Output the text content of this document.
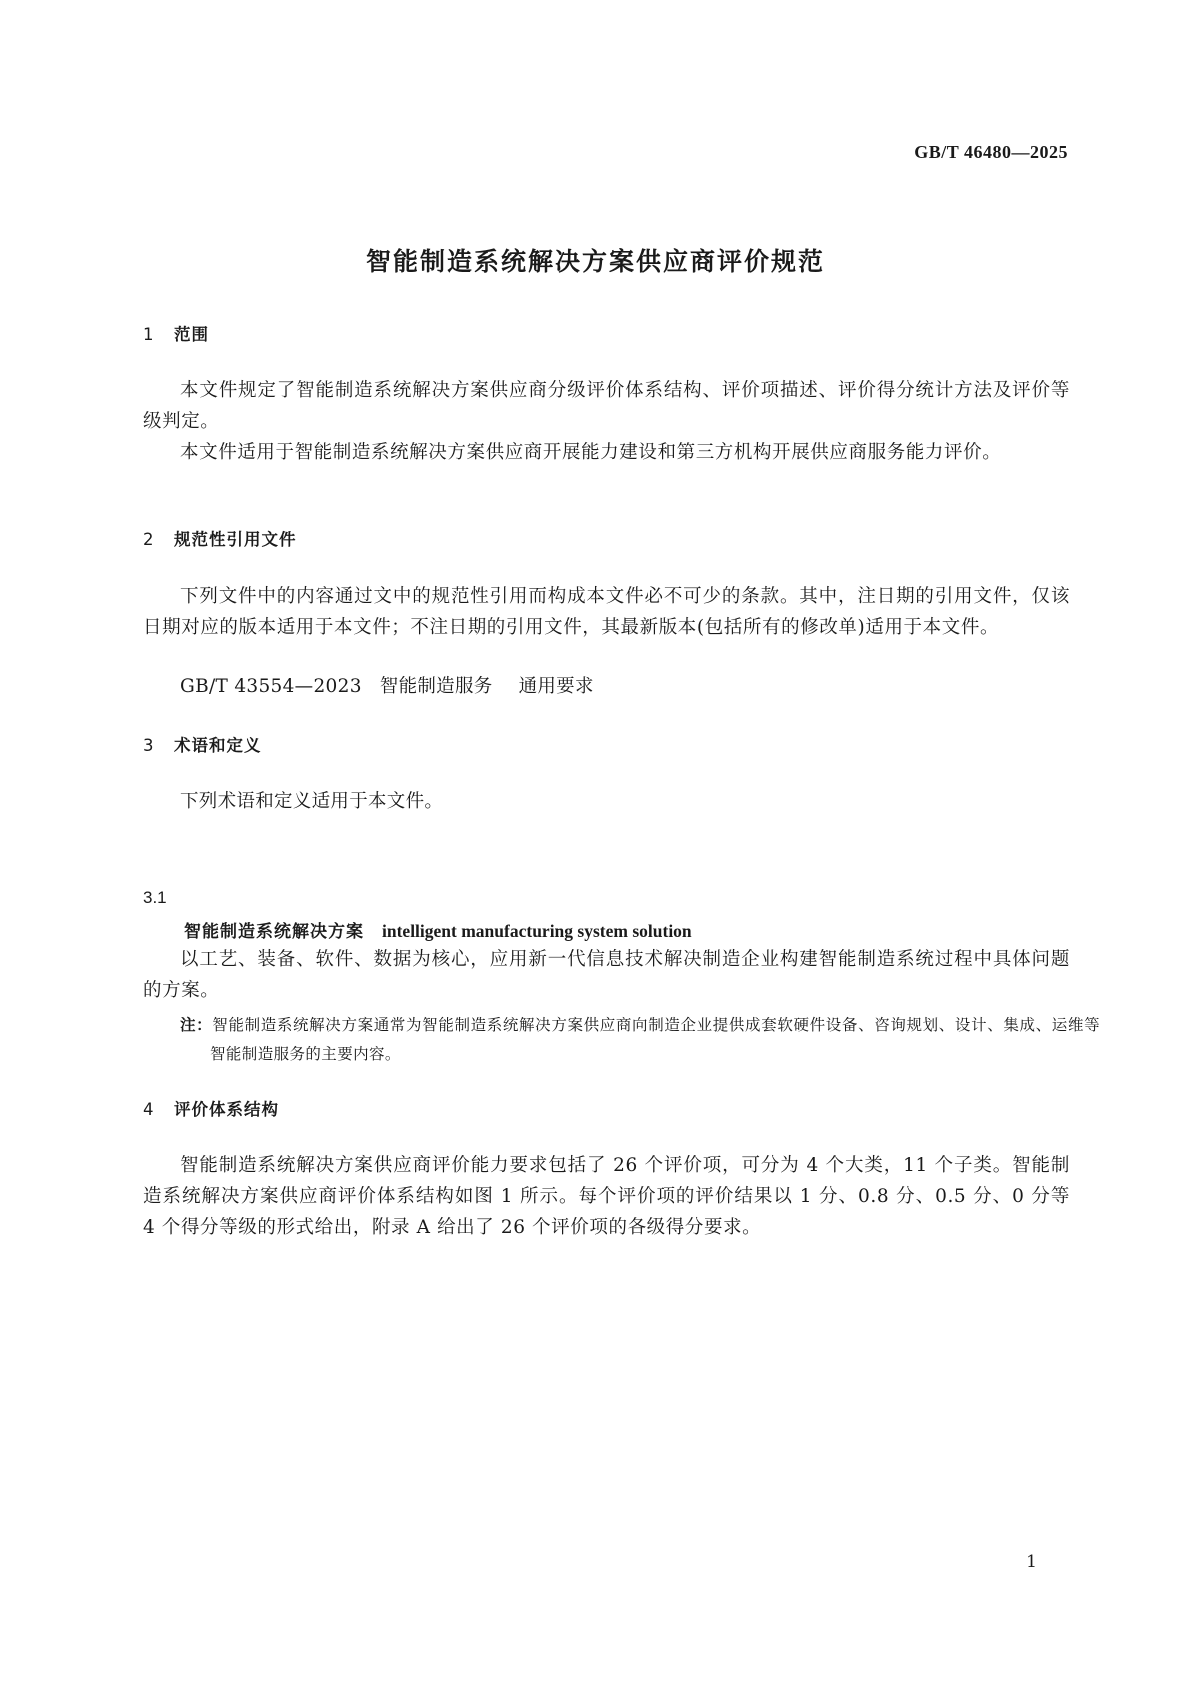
GB/T 46480—2025
智能制造系统解决方案供应商评价规范
1 范围

本文件规定了智能制造系统解决方案供应商分级评价体系结构、评价项描述、评价得分统计方法及评价等级判定。

本文件适用于智能制造系统解决方案供应商开展能力建设和第三方机构开展供应商服务能力评价。

2 规范性引用文件

下列文件中的内容通过文中的规范性引用而构成本文件必不可少的条款。其中，注日期的引用文件，仅该日期对应的版本适用于本文件；不注日期的引用文件，其最新版本(包括所有的修改单)适用于本文件。

GB/T 43554—2023 智能制造服务 通用要求
3 术语和定义
下列术语和定义适用于本文件。
3.1
智能制造系统解决方案 intelligent manufacturing system solution

以工艺、装备、软件、数据为核心，应用新一代信息技术解决制造企业构建智能制造系统过程中具体问题的方案。

注：智能制造系统解决方案通常为智能制造系统解决方案供应商向制造企业提供成套软硬件设备、咨询规划、设计、集成、运维等智能制造服务的主要内容。

4 评价体系结构

智能制造系统解决方案供应商评价能力要求包括了 26 个评价项，可分为 4 个大类，11 个子类。智能制造系统解决方案供应商评价体系结构如图 1 所示。每个评价项的评价结果以 1 分、0.8 分、0.5 分、0 分等 4 个得分等级的形式给出，附录 A 给出了 26 个评价项的各级得分要求。

1
